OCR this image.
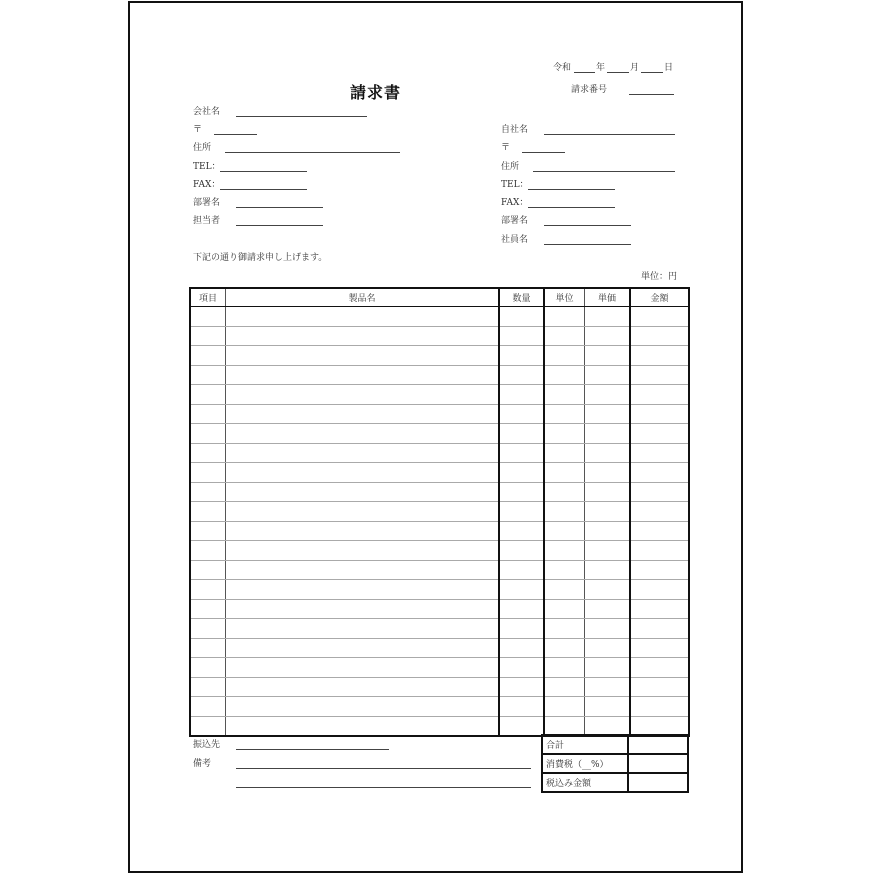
令和	年	月	日
請求番号
請求書
会社名
〒
住所
TEL：
FAX：
部署名
担当者
自社名
〒
住所
TEL：
FAX：
部署名
社員名
下記の通り御請求申し上げます。
単位：円
項目	製品名	数量	単位	単価	金額

振込先
備考
合計	
消費税（__%）	
税込み金額	
